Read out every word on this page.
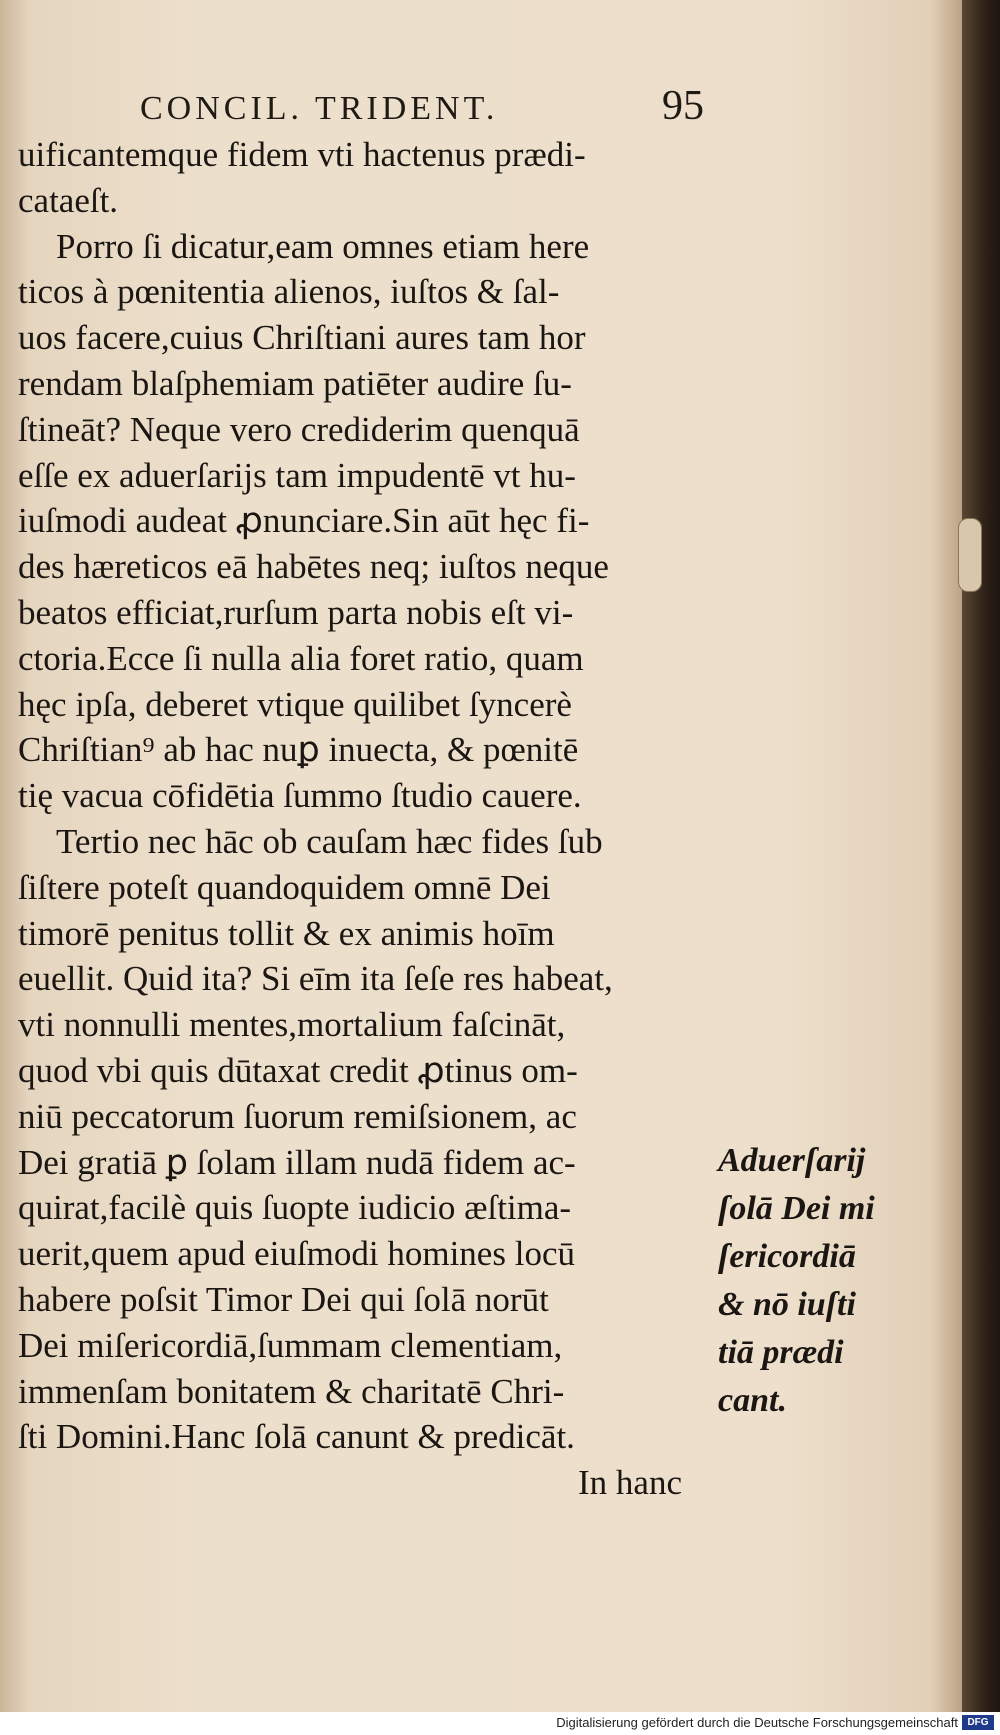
CONCIL. TRIDENT.	95
uificantemque fidem vti hactenus prædi-
cataeſt.
Porro ſi dicatur,eam omnes etiam here
ticos à pœnitentia alienos, iuſtos & ſal-
uos facere,cuius Chriſtiani aures tam hor
rendam blaſphemiam patiēter audire ſu-
ſtineāt? Neque vero crediderim quenquā
eſſe ex aduerſarijs tam impudentē vt hu-
iuſmodi audeat ꝓnunciare.Sin aūt hęc fi-
des hæreticos eā habētes neq; iuſtos neque
beatos efficiat,rurſum parta nobis eſt vi-
ctoria.Ecce ſi nulla alia foret ratio, quam
hęc ipſa, deberet vtique quilibet ſyncerè
Chriſtian⁹ ab hac nuꝑ inuecta, & pœnitē
tię vacua cōfidētia ſummo ſtudio cauere.
Tertio nec hāc ob cauſam hæc fides ſub
ſiſtere poteſt quandoquidem omnē Dei
timorē penitus tollit & ex animis hoīm
euellit. Quid ita? Si eīm ita ſeſe res habeat,
vti nonnulli mentes,mortalium faſcināt,
quod vbi quis dūtaxat credit ꝓtinus om-
niū peccatorum ſuorum remiſsionem, ac
Dei gratiā ꝑ ſolam illam nudā fidem ac-
quirat,facilè quis ſuopte iudicio æſtima-
uerit,quem apud eiuſmodi homines locū
habere poſsit Timor Dei qui ſolā norūt
Dei miſericordiā,ſummam clementiam,
immenſam bonitatem & charitatē Chri-
ſti Domini.Hanc ſolā canunt & predicāt.
In hanc
Aduerſarij
ſolā Dei mi
ſericordiā
& nō iuſti
tiā prædi
cant.
Digitalisierung gefördert durch die Deutsche Forschungsgemeinschaft DFG
